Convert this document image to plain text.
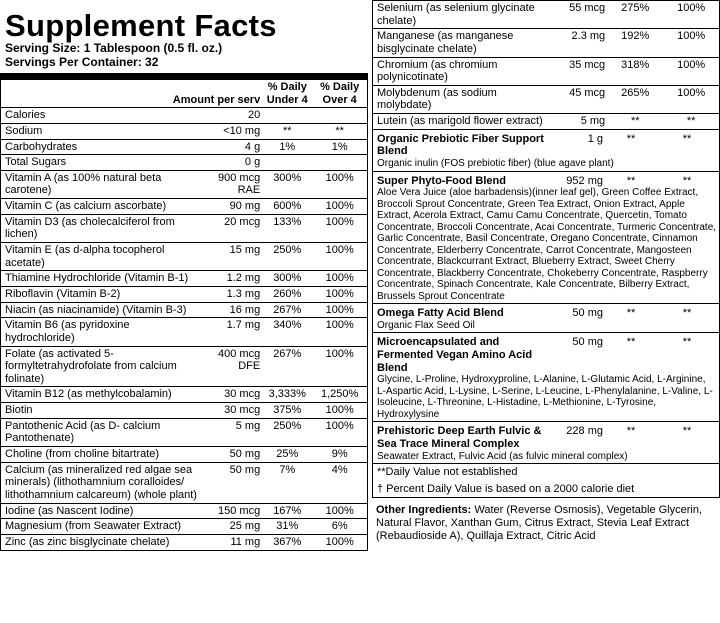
Supplement Facts
Serving Size: 1 Tablespoon (0.5 fl. oz.)
Servings Per Container: 32
Amount per serv		% Daily Under 4	% Daily Over 4
Calories	20		
Sodium	<10 mg	**	**
Carbohydrates	4 g	1%	1%
Total Sugars	0 g		
Vitamin A (as 100% natural beta carotene)	900 mcg RAE	300%	100%
Vitamin C (as calcium ascorbate)	90 mg	600%	100%
Vitamin D3 (as cholecalciferol from lichen)	20 mcg	133%	100%
Vitamin E (as d-alpha tocopherol acetate)	15 mg	250%	100%
Thiamine Hydrochloride (Vitamin B-1)	1.2 mg	300%	100%
Riboflavin (Vitamin B-2)	1.3 mg	260%	100%
Niacin (as niacinamide) (Vitamin B-3)	16 mg	267%	100%
Vitamin B6 (as pyridoxine hydrochloride)	1.7 mg	340%	100%
Folate (as activated 5-formyltetrahydrofolate from calcium folinate)	400 mcg DFE	267%	100%
Vitamin B12 (as methylcobalamin)	30 mcg	3,333%	1,250%
Biotin	30 mcg	375%	100%
Pantothenic Acid (as D- calcium Pantothenate)	5 mg	250%	100%
Choline (from choline bitartrate)	50 mg	25%	9%
Calcium (as mineralized red algae sea minerals) (lithothamnium coralloides/ lithothamnium calcareum) (whole plant)	50 mg	7%	4%
Iodine (as Nascent Iodine)	150 mcg	167%	100%
Magnesium (from Seawater Extract)	25 mg	31%	6%
Zinc (as zinc bisglycinate chelate)	11 mg	367%	100%
Selenium (as selenium glycinate chelate)	55 mcg	275%	100%
Manganese (as manganese bisglycinate chelate)	2.3 mg	192%	100%
Chromium (as chromium polynicotinate)	35 mcg	318%	100%
Molybdenum (as sodium molybdate)	45 mcg	265%	100%
Lutein (as marigold flower extract)	5 mg	**	**

Organic Prebiotic Fiber Support Blend
1 g ** **
Organic inulin (FOS prebiotic fiber) (blue agave plant)			

Super Phyto-Food Blend 952 mg ** **
Aloe Vera Juice (aloe barbadensis)(inner leaf gel), Green Coffee Extract, Broccoli Sprout Concentrate, Green Tea Extract, Onion Extract, Apple Extract, Acerola Extract, Camu Camu Concentrate, Quercetin, Tomato Concentrate, Broccoli Concentrate, Acai Concentrate, Turmeric Concentrate, Garlic Concentrate, Basil Concentrate, Oregano Concentrate, Cinnamon Concentrate, Elderberry Concentrate, Carrot Concentrate, Mangosteen Concentrate, Blackcurrant Extract, Blueberry Extract, Sweet Cherry Concentrate, Blackberry Concentrate, Chokeberry Concentrate, Raspberry Concentrate, Spinach Concentrate, Kale Concentrate, Bilberry Extract, Brussels Sprout Concentrate			

Omega Fatty Acid Blend 50 mg ** **
Organic Flax Seed Oil			

Microencapsulated and Fermented Vegan Amino Acid Blend
50 mg ** **
Glycine, L-Proline, Hydroxyproline, L-Alanine, L-Glutamic Acid, L-Arginine, L-Aspartic Acid, L-Lysine, L-Serine, L-Leucine, L-Phenylalanine, L-Valine, L-Isoleucine, L-Threonine, L-Histadine, L-Methionine, L-Tyrosine, Hydroxylysine			

Prehistoric Deep Earth Fulvic & Sea Trace Mineral Complex
228 mg ** **
Seawater Extract, Fulvic Acid (as fulvic mineral complex)			
**Daily Value not established
† Percent Daily Value is based on a 2000 calorie diet
Other Ingredients: Water (Reverse Osmosis), Vegetable Glycerin, Natural Flavor, Xanthan Gum, Citrus Extract, Stevia Leaf Extract (Rebaudioside A), Quillaja Extract, Citric Acid
